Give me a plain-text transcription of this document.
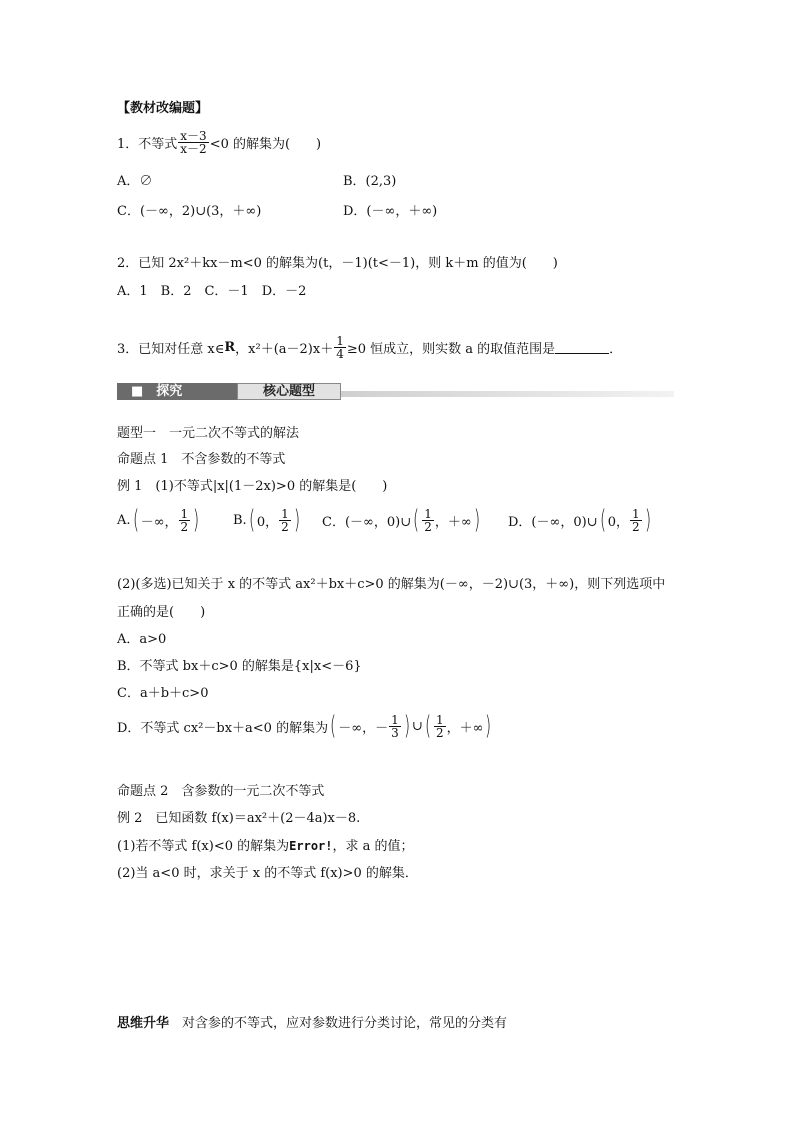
【教材改编题】
1．不等式 $\frac{x-3}{x-2} <0$ 的解集为(　　)
A．∅	B．(2,3)
C．(－∞，2)∪(3，＋∞)	D．(－∞，＋∞)
2．已知 2x²＋kx－m<0 的解集为(t，－1)(t<－1)，则 k＋m 的值为(　　)
A．1　B．2　C．－1　D．－2
3．已知对任意 x∈ R ，$x^2+(a-2)x+ \frac{1}{4} \ge 0$ 恒成立，则实数 a 的取值范围是	．
■　探究	核心题型
题型一　一元二次不等式的解法
命题点 1　不含参数的不等式
例 1　(1)不等式|x|(1－2x)>0 的解集是(　　)
A. ( －∞， $\frac{1}{2}$ )	B. ( 0， $\frac{1}{2}$ ) C．(－∞，0)∪ ( $\frac{1}{2}$ ，＋∞ ) D．(－∞，0)∪ ( 0， $\frac{1}{2}$ )
(2)(多选)已知关于 x 的不等式 ax²＋bx＋c>0 的解集为(－∞，－2)∪(3，＋∞)，则下列选项中
正确的是(　　)
A．a>0
B．不等式 bx＋c>0 的解集是{x|x<－6}
C．a＋b＋c>0
D．不等式 cx²－bx＋a<0 的解集为 ( －∞，－ $\frac{1}{3}$ ) ∪ ( $\frac{1}{2}$ ，＋∞ )
命题点 2　含参数的一元二次不等式
例 2　已知函数 f(x)＝ax²＋(2－4a)x－8.
(1)若不等式 f(x)<0 的解集为Error!，求 a 的值；
(2)当 a<0 时，求关于 x 的不等式 f(x)>0 的解集．
思维升华　对含参的不等式，应对参数进行分类讨论，常见的分类有
